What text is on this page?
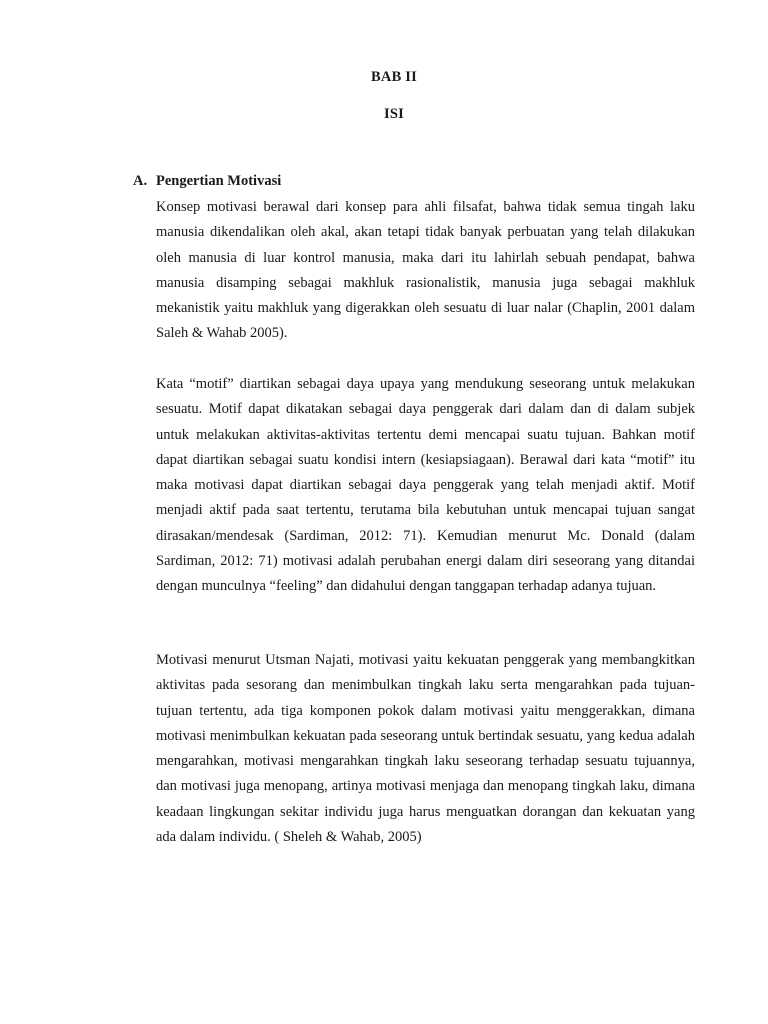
BAB II
ISI
A. Pengertian Motivasi

Konsep motivasi berawal dari konsep para ahli filsafat, bahwa tidak semua tingah laku manusia dikendalikan oleh akal, akan tetapi tidak banyak perbuatan yang telah dilakukan oleh manusia di luar kontrol manusia, maka dari itu lahirlah sebuah pendapat, bahwa manusia disamping sebagai makhluk rasionalistik, manusia juga sebagai makhluk mekanistik yaitu makhluk yang digerakkan oleh sesuatu di luar nalar (Chaplin, 2001 dalam Saleh & Wahab 2005).

Kata “motif” diartikan sebagai daya upaya yang mendukung seseorang untuk melakukan sesuatu. Motif dapat dikatakan sebagai daya penggerak dari dalam dan di dalam subjek untuk melakukan aktivitas-aktivitas tertentu demi mencapai suatu tujuan. Bahkan motif dapat diartikan sebagai suatu kondisi intern (kesiapsiagaan). Berawal dari kata “motif” itu maka motivasi dapat diartikan sebagai daya penggerak yang telah menjadi aktif. Motif menjadi aktif pada saat tertentu, terutama bila kebutuhan untuk mencapai tujuan sangat dirasakan/mendesak (Sardiman, 2012: 71). Kemudian menurut Mc. Donald (dalam Sardiman, 2012: 71) motivasi adalah perubahan energi dalam diri seseorang yang ditandai dengan munculnya “feeling” dan didahului dengan tanggapan terhadap adanya tujuan.

Motivasi menurut Utsman Najati, motivasi yaitu kekuatan penggerak yang membangkitkan aktivitas pada sesorang dan menimbulkan tingkah laku serta mengarahkan pada tujuan-tujuan tertentu, ada tiga komponen pokok dalam motivasi yaitu menggerakkan, dimana motivasi menimbulkan kekuatan pada seseorang untuk bertindak sesuatu, yang kedua adalah mengarahkan, motivasi mengarahkan tingkah laku seseorang terhadap sesuatu tujuannya, dan motivasi juga menopang, artinya motivasi menjaga dan menopang tingkah laku, dimana keadaan lingkungan sekitar individu juga harus menguatkan dorangan dan kekuatan yang ada dalam individu. ( Sheleh & Wahab, 2005)
